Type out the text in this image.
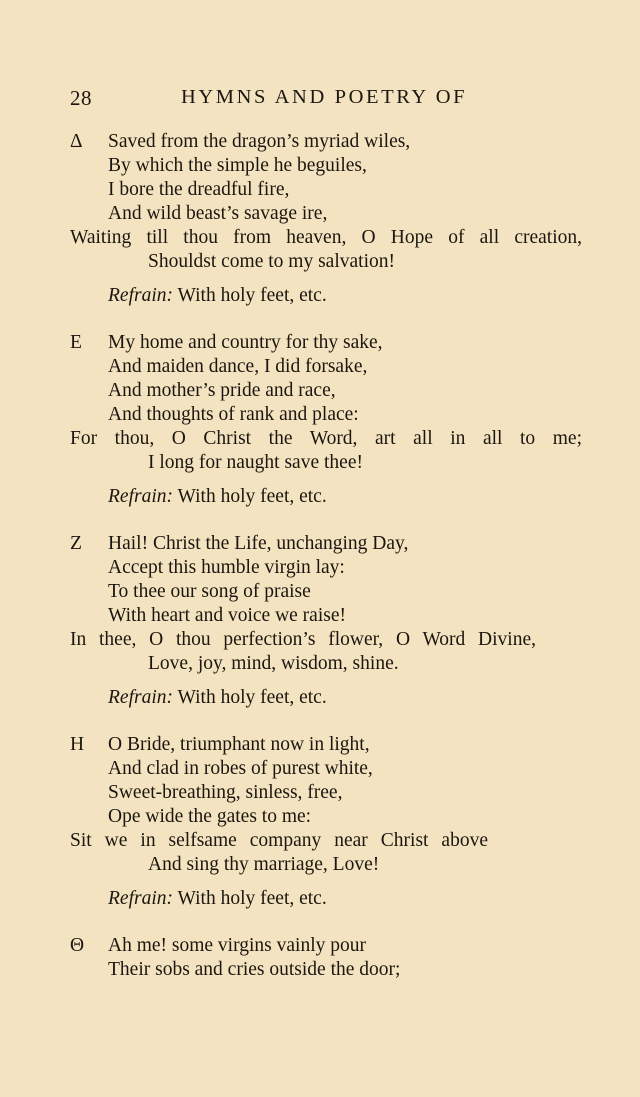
28	HYMNS AND POETRY OF
Δ Saved from the dragon’s myriad wiles,
By which the simple he beguiles,
I bore the dreadful fire,
And wild beast’s savage ire,
Waiting till thou from heaven, O Hope of all creation,
Shouldst come to my salvation!
Refrain: With holy feet, etc.
E My home and country for thy sake,
And maiden dance, I did forsake,
And mother’s pride and race,
And thoughts of rank and place:
For thou, O Christ the Word, art all in all to me;
I long for naught save thee!
Refrain: With holy feet, etc.
Z Hail! Christ the Life, unchanging Day,
Accept this humble virgin lay:
To thee our song of praise
With heart and voice we raise!
In thee, O thou perfection’s flower, O Word Divine,
Love, joy, mind, wisdom, shine.
Refrain: With holy feet, etc.
H O Bride, triumphant now in light,
And clad in robes of purest white,
Sweet-breathing, sinless, free,
Ope wide the gates to me:
Sit we in selfsame company near Christ above
And sing thy marriage, Love!
Refrain: With holy feet, etc.
Θ Ah me! some virgins vainly pour
Their sobs and cries outside the door;
